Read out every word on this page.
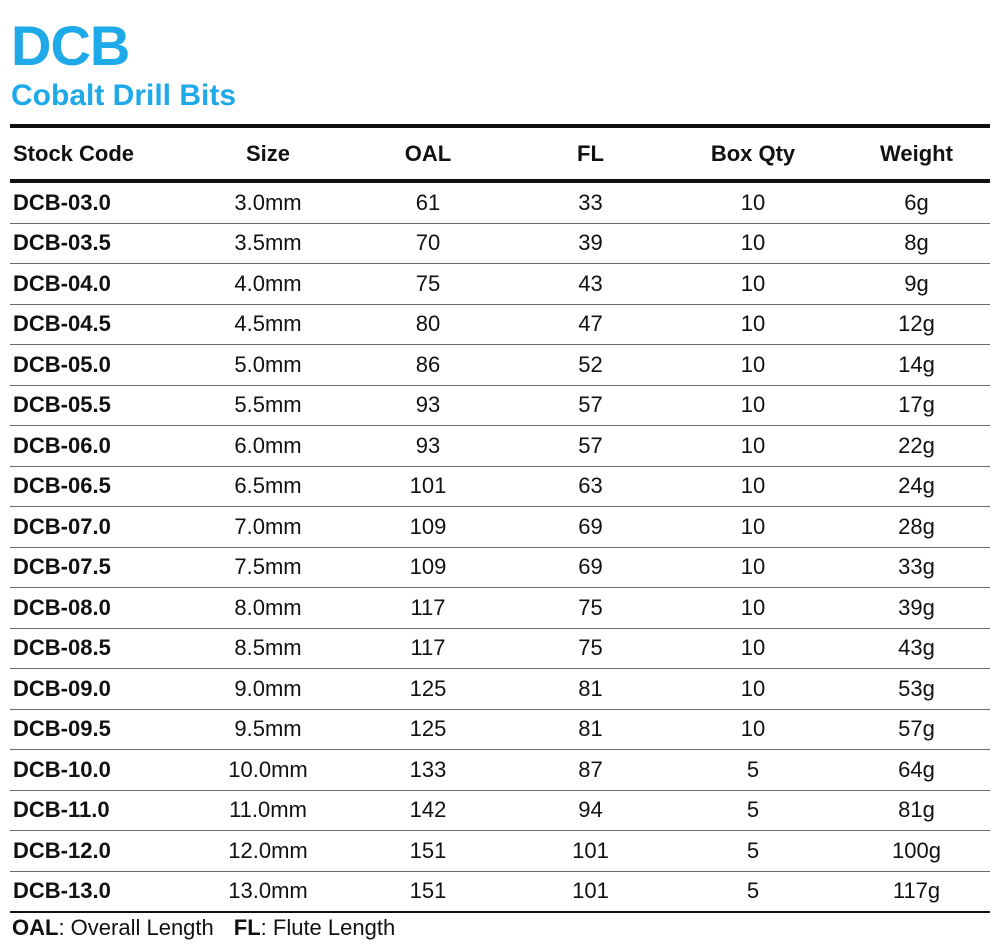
DCB
Cobalt Drill Bits
Stock Code	Size	OAL	FL	Box Qty	Weight
DCB-03.0	3.0mm	61	33	10	6g
DCB-03.5	3.5mm	70	39	10	8g
DCB-04.0	4.0mm	75	43	10	9g
DCB-04.5	4.5mm	80	47	10	12g
DCB-05.0	5.0mm	86	52	10	14g
DCB-05.5	5.5mm	93	57	10	17g
DCB-06.0	6.0mm	93	57	10	22g
DCB-06.5	6.5mm	101	63	10	24g
DCB-07.0	7.0mm	109	69	10	28g
DCB-07.5	7.5mm	109	69	10	33g
DCB-08.0	8.0mm	117	75	10	39g
DCB-08.5	8.5mm	117	75	10	43g
DCB-09.0	9.0mm	125	81	10	53g
DCB-09.5	9.5mm	125	81	10	57g
DCB-10.0	10.0mm	133	87	5	64g
DCB-11.0	11.0mm	142	94	5	81g
DCB-12.0	12.0mm	151	101	5	100g
DCB-13.0	13.0mm	151	101	5	117g
OAL: Overall Length FL: Flute Length
